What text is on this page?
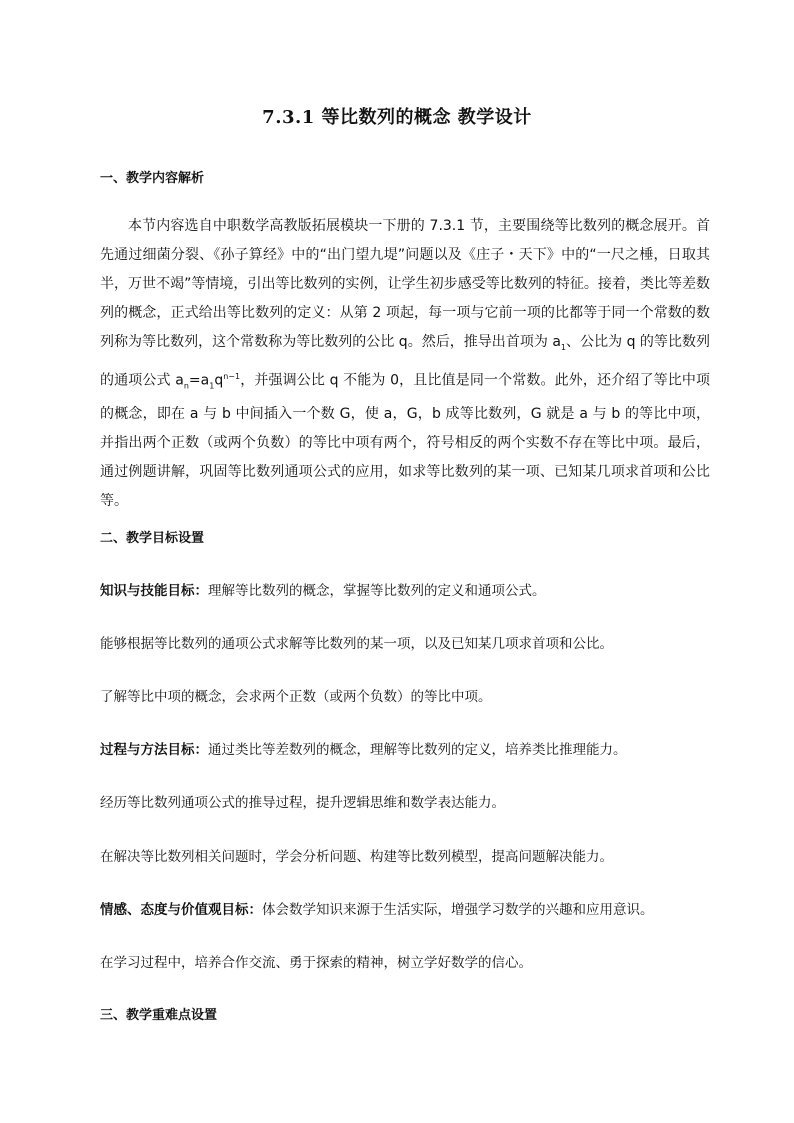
7.3.1 等比数列的概念 教学设计
一、教学内容解析
本节内容选自中职数学高教版拓展模块一下册的 7.3.1 节，主要围绕等比数列的概念展开。首先通过细菌分裂、《孙子算经》中的“出门望九堤”问题以及《庄子・天下》中的“一尺之棰，日取其半，万世不竭”等情境，引出等比数列的实例，让学生初步感受等比数列的特征。接着，类比等差数列的概念，正式给出等比数列的定义：从第 2 项起，每一项与它前一项的比都等于同一个常数的数列称为等比数列，这个常数称为等比数列的公比 q。然后，推导出首项为 $a_1$、公比为 q 的等比数列的通项公式 $a_n=a_1q^{n-1}$，并强调公比 q 不能为 0，且比值是同一个常数。此外，还介绍了等比中项的概念，即在 a 与 b 中间插入一个数 G，使 a，G，b 成等比数列，G 就是 a 与 b 的等比中项，并指出两个正数（或两个负数）的等比中项有两个，符号相反的两个实数不存在等比中项。最后，通过例题讲解，巩固等比数列通项公式的应用，如求等比数列的某一项、已知某几项求首项和公比等。
二、教学目标设置
知识与技能目标：理解等比数列的概念，掌握等比数列的定义和通项公式。
能够根据等比数列的通项公式求解等比数列的某一项，以及已知某几项求首项和公比。
了解等比中项的概念，会求两个正数（或两个负数）的等比中项。
过程与方法目标：通过类比等差数列的概念，理解等比数列的定义，培养类比推理能力。
经历等比数列通项公式的推导过程，提升逻辑思维和数学表达能力。
在解决等比数列相关问题时，学会分析问题、构建等比数列模型，提高问题解决能力。
情感、态度与价值观目标：体会数学知识来源于生活实际，增强学习数学的兴趣和应用意识。
在学习过程中，培养合作交流、勇于探索的精神，树立学好数学的信心。
三、教学重难点设置
